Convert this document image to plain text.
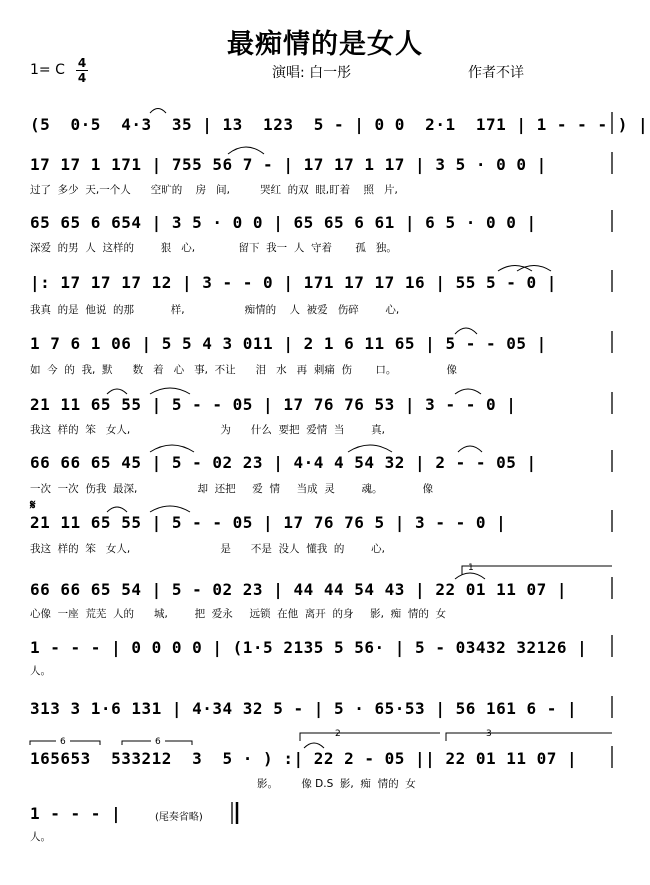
最痴情的是女人
1= C 4
4	演唱: 白一彤	作者不详
(5  0·5  4·3  35 | 13  123  5 - | 0 0  2·1  171 | 1 - - - ) |
17 17 1 171 | 755 56 7 - | 17 17 1 17 | 3 5 · 0 0 |
过了  多少  天,一个人      空旷的    房   间,         哭红  的双  眼,盯着    照   片,
65 65 6 654 | 3 5 · 0 0 | 65 65 6 61 | 6 5 · 0 0 |
深爱  的男  人  这样的        狠   心,             留下  我一  人  守着       孤   独。
|: 17 17 17 12 | 3 - - 0 | 171 17 17 16 | 55 5 - 0 |
我真  的是  他说  的那           样,                  痴情的    人  被爱   伤碎        心,
1 7 6 1 06 | 5 5 4 3 011 | 2 1 6 11 65 | 5 - - 05 |
如  今  的  我,  默      数   着   心   事,  不让      泪   水   再  刺痛  伤       口。               像
21 11 65 55 | 5 - - 05 | 17 76 76 53 | 3 - - 0 |
我这  样的  笨   女人,                           为      什么  要把  爱情  当        真,
66 66 65 45 | 5 - 02 23 | 4·4 4 54 32 | 2 - - 05 |
一次  一次  伤我  最深,                  却  还把     爱  情     当成  灵        魂。            像
𝄋
21 11 65 55 | 5 - - 05 | 17 76 76 5 | 3 - - 0 |
我这  样的  笨   女人,                           是      不是  没人  懂我  的        心,
66 66 65 54 | 5 - 02 23 | 44 44 54 43 | 22 01 11 07 |
心像  一座  荒芜  人的      城,        把  爱永     远锁  在他  离开  的身     影,  痴  情的  女
1 - - - | 0 0 0 0 | (1·5 2135 5 56· | 5 - 03432 32126 |
人。
313 3 1·6 131 | 4·34 32 5 - | 5 · 65·53 | 56 161 6 - |
165653  533212  3  5 · ) :| 22 2 - 05 || 22 01 11 07 |
影。       像 D.S  影,  痴  情的  女
1 - - - |
人。
(尾奏省略)
1
2	3
6	6
